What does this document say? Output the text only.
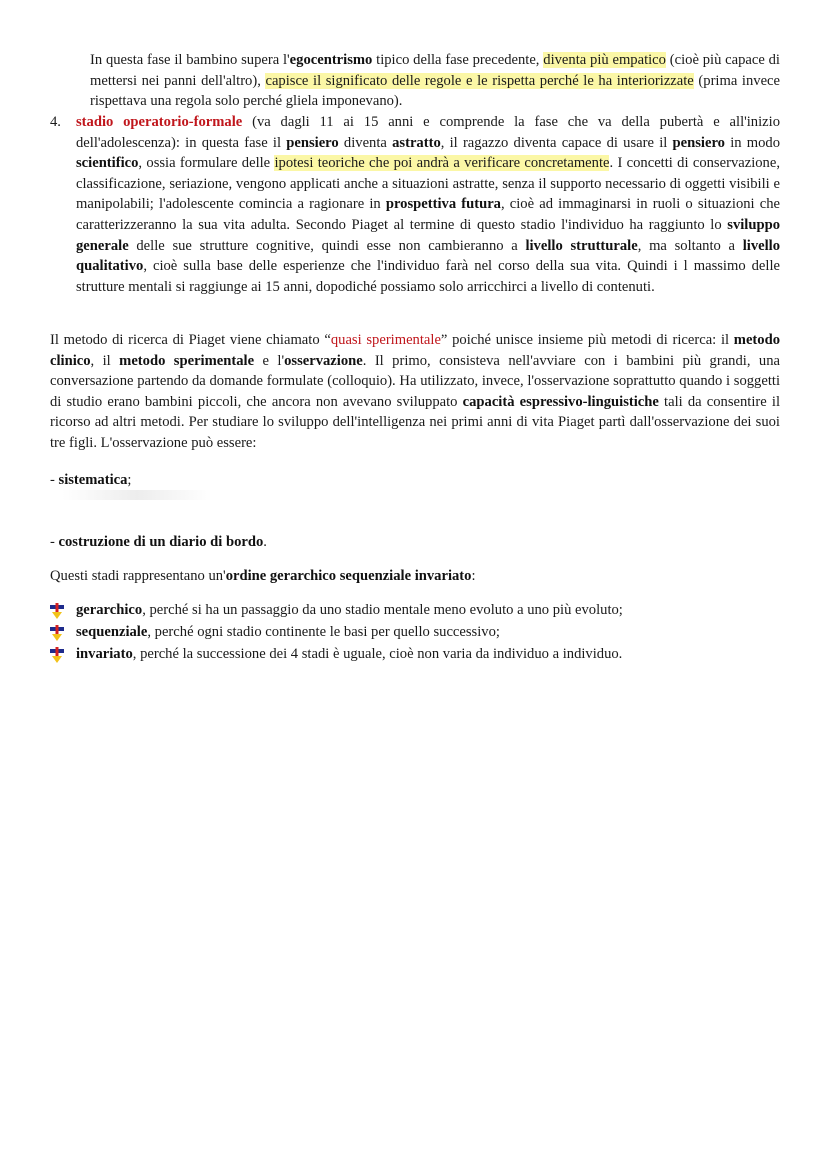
In questa fase il bambino supera l'egocentrismo tipico della fase precedente, diventa più empatico (cioè più capace di mettersi nei panni dell'altro), capisce il significato delle regole e le rispetta perché le ha interiorizzate (prima invece rispettava una regola solo perché gliela imponevano).

4. stadio operatorio-formale (va dagli 11 ai 15 anni e comprende la fase che va della pubertà e all'inizio dell'adolescenza): in questa fase il pensiero diventa astratto, il ragazzo diventa capace di usare il pensiero in modo scientifico, ossia formulare delle ipotesi teoriche che poi andrà a verificare concretamente. I concetti di conservazione, classificazione, seriazione, vengono applicati anche a situazioni astratte, senza il supporto necessario di oggetti visibili e manipolabili; l'adolescente comincia a ragionare in prospettiva futura, cioè ad immaginarsi in ruoli o situazioni che caratterizzeranno la sua vita adulta. Secondo Piaget al termine di questo stadio l'individuo ha raggiunto lo sviluppo generale delle sue strutture cognitive, quindi esse non cambieranno a livello strutturale, ma soltanto a livello qualitativo, cioè sulla base delle esperienze che l'individuo farà nel corso della sua vita. Quindi i l massimo delle strutture mentali si raggiunge ai 15 anni, dopodiché possiamo solo arricchirci a livello di contenuti.

Il metodo di ricerca di Piaget viene chiamato “quasi sperimentale” poiché unisce insieme più metodi di ricerca: il metodo clinico, il metodo sperimentale e l'osservazione. Il primo, consisteva nell'avviare con i bambini più grandi, una conversazione partendo da domande formulate (colloquio). Ha utilizzato, invece, l'osservazione soprattutto quando i soggetti di studio erano bambini piccoli, che ancora non avevano sviluppato capacità espressivo-linguistiche tali da consentire il ricorso ad altri metodi. Per studiare lo sviluppo dell'intelligenza nei primi anni di vita Piaget partì dall'osservazione dei suoi tre figli. L'osservazione può essere:

- sistematica;

- costruzione di un diario di bordo.

Questi stadi rappresentano un'ordine gerarchico sequenziale invariato:

gerarchico, perché si ha un passaggio da uno stadio mentale meno evoluto a uno più evoluto;
sequenziale, perché ogni stadio continente le basi per quello successivo;
invariato, perché la successione dei 4 stadi è uguale, cioè non varia da individuo a individuo.
